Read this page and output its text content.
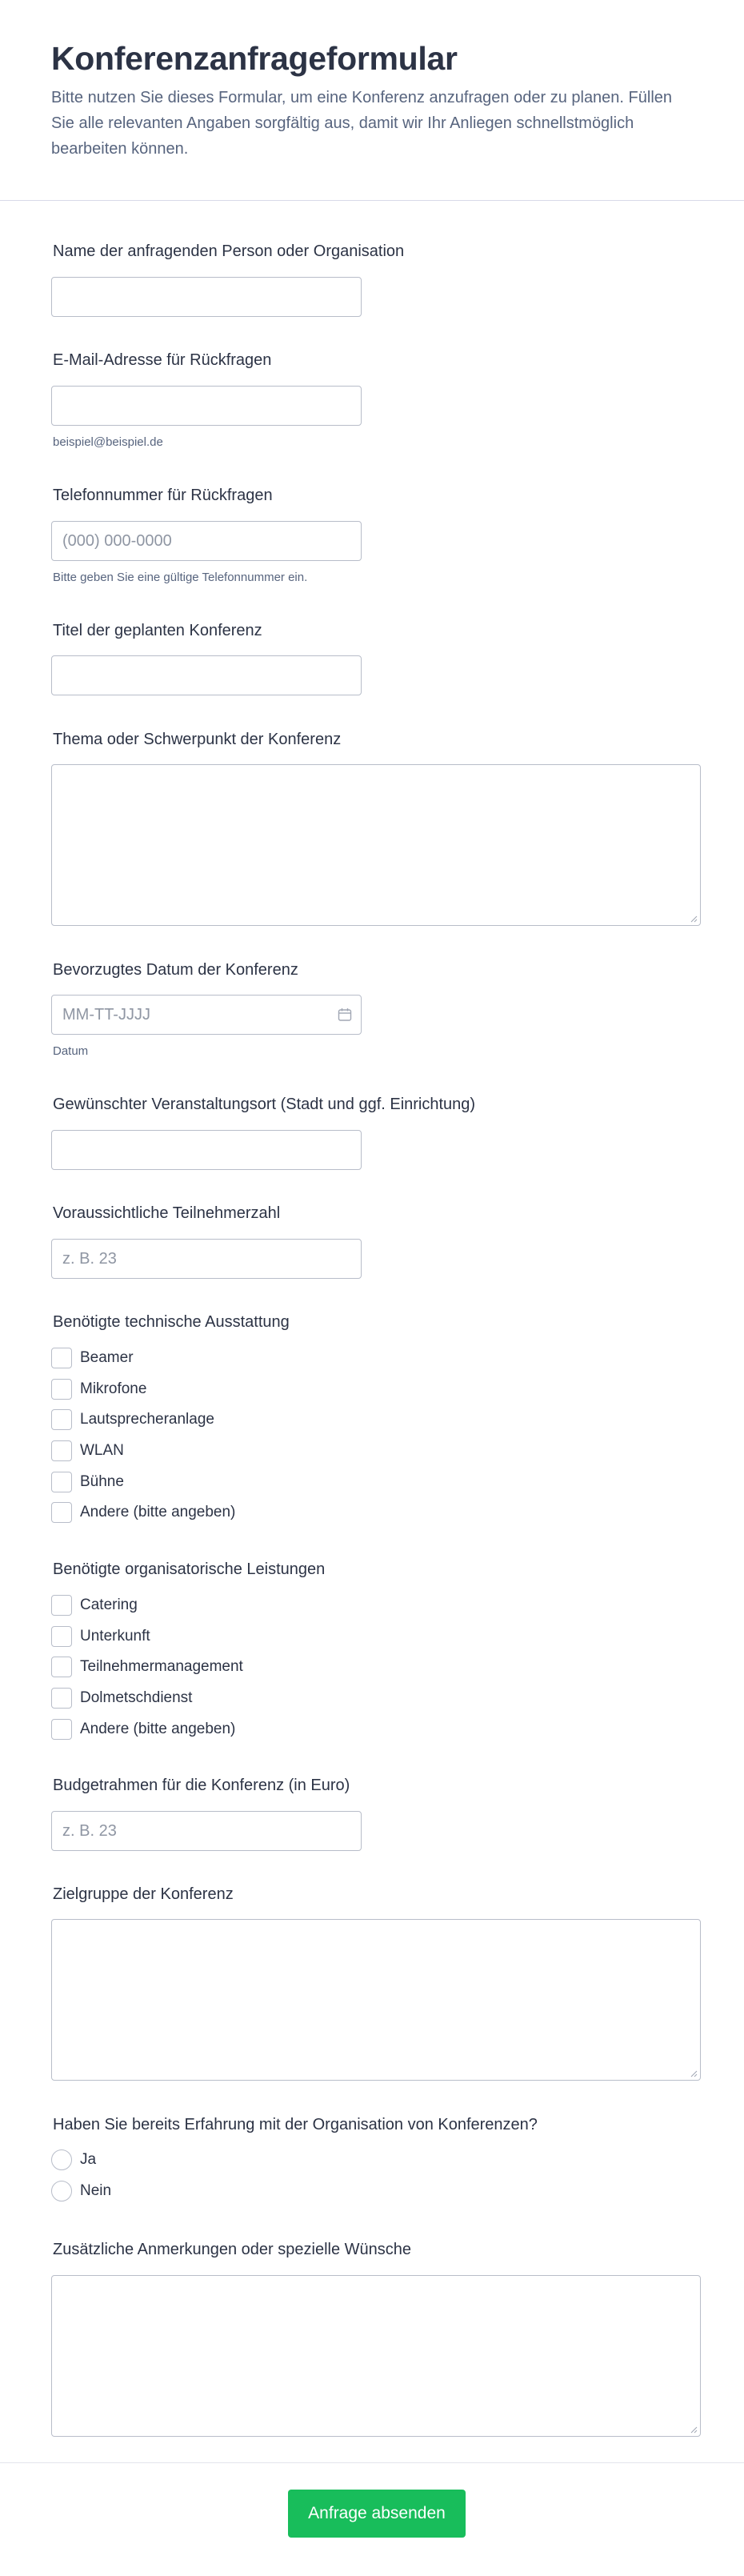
Konferenzanfrageformular

Bitte nutzen Sie dieses Formular, um eine Konferenz anzufragen oder zu planen. Füllen Sie alle relevanten Angaben sorgfältig aus, damit wir Ihr Anliegen schnellstmöglich bearbeiten können.

Name der anfragenden Person oder Organisation
E-Mail-Adresse für Rückfragen
beispiel@beispiel.de
Telefonnummer für Rückfragen
(000) 000-0000
Bitte geben Sie eine gültige Telefonnummer ein.
Titel der geplanten Konferenz
Thema oder Schwerpunkt der Konferenz
Bevorzugtes Datum der Konferenz
MM-TT-JJJJ
Datum
Gewünschter Veranstaltungsort (Stadt und ggf. Einrichtung)
Voraussichtliche Teilnehmerzahl
z. B. 23
Benötigte technische Ausstattung
Beamer
Mikrofone
Lautsprecheranlage
WLAN
Bühne
Andere (bitte angeben)
Benötigte organisatorische Leistungen
Catering
Unterkunft
Teilnehmermanagement
Dolmetschdienst
Andere (bitte angeben)
Budgetrahmen für die Konferenz (in Euro)
z. B. 23
Zielgruppe der Konferenz
Haben Sie bereits Erfahrung mit der Organisation von Konferenzen?
Ja
Nein
Zusätzliche Anmerkungen oder spezielle Wünsche
Anfrage absenden
